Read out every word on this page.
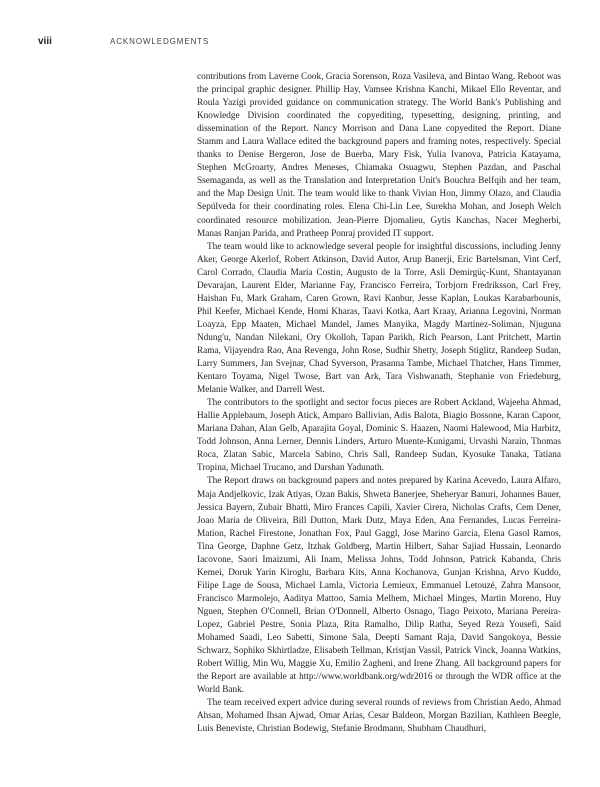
viii	ACKNOWLEDGMENTS

contributions from Laverne Cook, Gracia Sorenson, Roza Vasileva, and Bintao Wang. Reboot was the principal graphic designer. Phillip Hay, Vamsee Krishna Kanchi, Mikael Ello Reventar, and Roula Yazigi provided guidance on communication strategy. The World Bank's Publishing and Knowledge Division coordinated the copyediting, typesetting, designing, printing, and dissemination of the Report. Nancy Morrison and Dana Lane copyedited the Report. Diane Stamm and Laura Wallace edited the background papers and framing notes, respectively. Special thanks to Denise Bergeron, Jose de Buerba, Mary Fisk, Yulia Ivanova, Patricia Katayama, Stephen McGroarty, Andres Meneses, Chiamaka Osuagwu, Stephen Pazdan, and Paschal Ssemaganda, as well as the Translation and Interpretation Unit's Bouchra Belfqih and her team, and the Map Design Unit. The team would like to thank Vivian Hon, Jimmy Olazo, and Claudia Sepúlveda for their coordinating roles. Elena Chi-Lin Lee, Surekha Mohan, and Joseph Welch coordinated resource mobilization. Jean-Pierre Djomalieu, Gytis Kanchas, Nacer Megherbi, Manas Ranjan Parida, and Pratheep Ponraj provided IT support.

The team would like to acknowledge several people for insightful discussions, including Jenny Aker, George Akerlof, Robert Atkinson, David Autor, Arup Banerji, Eric Bartelsman, Vint Cerf, Carol Corrado, Claudia Maria Costin, Augusto de la Torre, Asli Demirgüç-Kunt, Shantayanan Devarajan, Laurent Elder, Marianne Fay, Francisco Ferreira, Torbjorn Fredriksson, Carl Frey, Haishan Fu, Mark Graham, Caren Grown, Ravi Kanbur, Jesse Kaplan, Loukas Karabarbounis, Phil Keefer, Michael Kende, Homi Kharas, Taavi Kotka, Aart Kraay, Arianna Legovini, Norman Loayza, Epp Maaten, Michael Mandel, James Manyika, Magdy Martinez-Soliman, Njuguna Ndung'u, Nandan Nilekani, Ory Okolloh, Tapan Parikh, Rich Pearson, Lant Pritchett, Martin Rama, Vijayendra Rao, Ana Revenga, John Rose, Sudhir Shetty, Joseph Stiglitz, Randeep Sudan, Larry Summers, Jan Svejnar, Chad Syverson, Prasanna Tambe, Michael Thatcher, Hans Timmer, Kentaro Toyama, Nigel Twose, Bart van Ark, Tara Vishwanath, Stephanie von Friedeburg, Melanie Walker, and Darrell West.

The contributors to the spotlight and sector focus pieces are Robert Ackland, Wajeeha Ahmad, Hallie Applebaum, Joseph Atick, Amparo Ballivian, Adis Balota, Biagio Bossone, Karan Capoor, Mariana Dahan, Alan Gelb, Aparajita Goyal, Dominic S. Haazen, Naomi Halewood, Mia Harbitz, Todd Johnson, Anna Lerner, Dennis Linders, Arturo Muente-Kunigami, Urvashi Narain, Thomas Roca, Zlatan Sabic, Marcela Sabino, Chris Sall, Randeep Sudan, Kyosuke Tanaka, Tatiana Tropina, Michael Trucano, and Darshan Yadunath.

The Report draws on background papers and notes prepared by Karina Acevedo, Laura Alfaro, Maja Andjelkovic, Izak Atiyas, Ozan Bakis, Shweta Banerjee, Sheheryar Banuri, Johannes Bauer, Jessica Bayern, Zubair Bhatti, Miro Frances Capili, Xavier Cirera, Nicholas Crafts, Cem Dener, Joao Maria de Oliveira, Bill Dutton, Mark Dutz, Maya Eden, Ana Fernandes, Lucas Ferreira-Mation, Rachel Firestone, Jonathan Fox, Paul Gaggl, Jose Marino Garcia, Elena Gasol Ramos, Tina George, Daphne Getz, Itzhak Goldberg, Martin Hilbert, Sahar Sajiad Hussain, Leonardo Iacovone, Saori Imaizumi, Ali Inam, Melissa Johns, Todd Johnson, Patrick Kabanda, Chris Kemei, Doruk Yarin Kiroglu, Barbara Kits, Anna Kochanova, Gunjan Krishna, Arvo Kuddo, Filipe Lage de Sousa, Michael Lamla, Victoria Lemieux, Emmanuel Letouzé, Zahra Mansoor, Francisco Marmolejo, Aaditya Mattoo, Samia Melhem, Michael Minges, Martin Moreno, Huy Nguen, Stephen O'Connell, Brian O'Donnell, Alberto Osnago, Tiago Peixoto, Mariana Pereira-Lopez, Gabriel Pestre, Sonia Plaza, Rita Ramalho, Dilip Ratha, Seyed Reza Yousefi, Saïd Mohamed Saadi, Leo Sabetti, Simone Sala, Deepti Samant Raja, David Sangokoya, Bessie Schwarz, Sophiko Skhirtladze, Elisabeth Tellman, Kristjan Vassil, Patrick Vinck, Joanna Watkins, Robert Willig, Min Wu, Maggie Xu, Emilio Zagheni, and Irene Zhang. All background papers for the Report are available at http://www.worldbank.org/wdr2016 or through the WDR office at the World Bank.

The team received expert advice during several rounds of reviews from Christian Aedo, Ahmad Ahsan, Mohamed Ihsan Ajwad, Omar Arias, Cesar Baldeon, Morgan Bazilian, Kathleen Beegle, Luis Beneviste, Christian Bodewig, Stefanie Brodmann, Shubham Chaudhuri,
